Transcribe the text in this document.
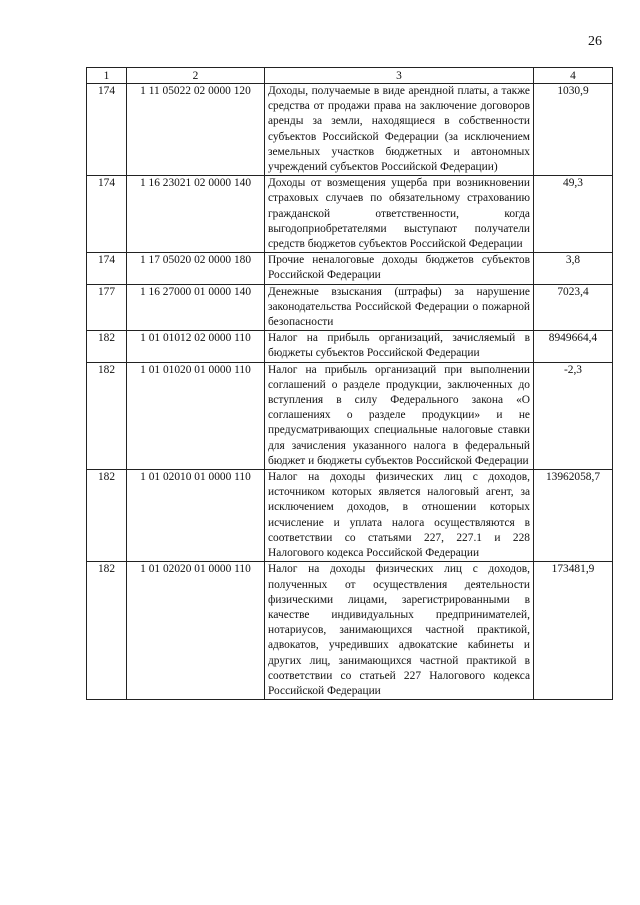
26
1	2	3	4
174	1 11 05022 02 0000 120	Доходы, получаемые в виде арендной платы, а также средства от продажи права на заключение договоров аренды за земли, находящиеся в собственности субъектов Российской Федерации (за исключением земельных участков бюджетных и автономных учреждений субъектов Российской Федерации)	1030,9
174	1 16 23021 02 0000 140	Доходы от возмещения ущерба при возникновении страховых случаев по обязательному страхованию гражданской ответственности, когда выгодоприобретателями выступают получатели средств бюджетов субъектов Российской Федерации	49,3
174	1 17 05020 02 0000 180	Прочие неналоговые доходы бюджетов субъектов Российской Федерации	3,8
177	1 16 27000 01 0000 140	Денежные взыскания (штрафы) за нарушение законодательства Российской Федерации о пожарной безопасности	7023,4
182	1 01 01012 02 0000 110	Налог на прибыль организаций, зачисляемый в бюджеты субъектов Российской Федерации	8949664,4
182	1 01 01020 01 0000 110	Налог на прибыль организаций при выполнении соглашений о разделе продукции, заключенных до вступления в силу Федерального закона «О соглашениях о разделе продукции» и не предусматривающих специальные налоговые ставки для зачисления указанного налога в федеральный бюджет и бюджеты субъектов Российской Федерации	-2,3
182	1 01 02010 01 0000 110	Налог на доходы физических лиц с доходов, источником которых является налоговый агент, за исключением доходов, в отношении которых исчисление и уплата налога осуществляются в соответствии со статьями 227, 227.1 и 228 Налогового кодекса Российской Федерации	13962058,7
182	1 01 02020 01 0000 110	Налог на доходы физических лиц с доходов, полученных от осуществления деятельности физическими лицами, зарегистрированными в качестве индивидуальных предпринимателей, нотариусов, занимающихся частной практикой, адвокатов, учредивших адвокатские кабинеты и других лиц, занимающихся частной практикой в соответствии со статьей 227 Налогового кодекса Российской Федерации	173481,9
